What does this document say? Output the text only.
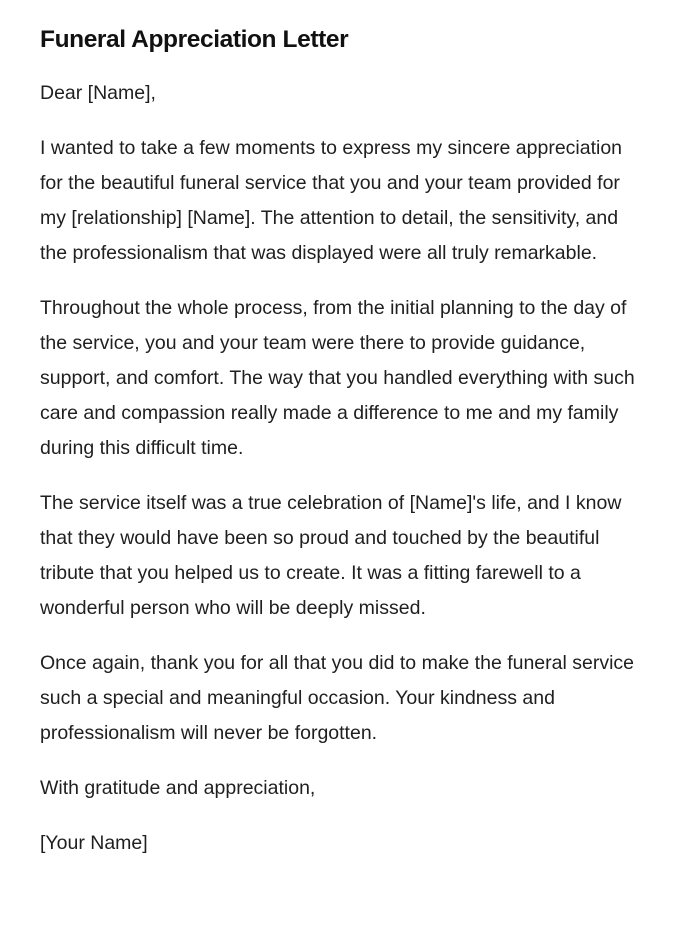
Funeral Appreciation Letter

Dear [Name],

I wanted to take a few moments to express my sincere appreciation for the beautiful funeral service that you and your team provided for my [relationship] [Name]. The attention to detail, the sensitivity, and the professionalism that was displayed were all truly remarkable.

Throughout the whole process, from the initial planning to the day of the service, you and your team were there to provide guidance, support, and comfort. The way that you handled everything with such care and compassion really made a difference to me and my family during this difficult time.

The service itself was a true celebration of [Name]'s life, and I know that they would have been so proud and touched by the beautiful tribute that you helped us to create. It was a fitting farewell to a wonderful person who will be deeply missed.

Once again, thank you for all that you did to make the funeral service such a special and meaningful occasion. Your kindness and professionalism will never be forgotten.

With gratitude and appreciation,

[Your Name]
